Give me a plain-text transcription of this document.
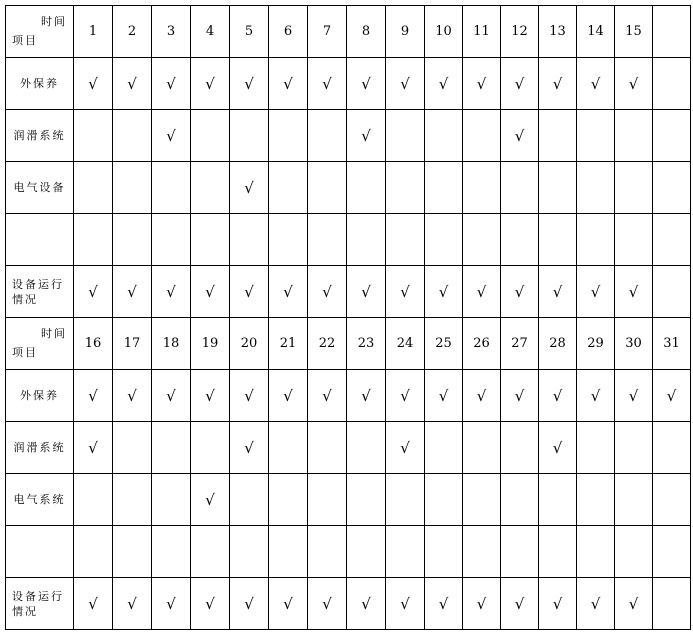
时间
项目	1	2	3	4	5	6	7	8	9	10	11	12	13	14	15	

外保养	√	√	√	√	√	√	√	√	√	√	√	√	√	√	√	

润滑系统			√					√				√				

电气设备					√											

设备运行
情况	√	√	√	√	√	√	√	√	√	√	√	√	√	√	√	

时间
项目	16	17	18	19	20	21	22	23	24	25	26	27	28	29	30	31

外保养	√	√	√	√	√	√	√	√	√	√	√	√	√	√	√	√

润滑系统	√				√				√				√			

电气系统				√												

设备运行
情况	√	√	√	√	√	√	√	√	√	√	√	√	√	√	√	
